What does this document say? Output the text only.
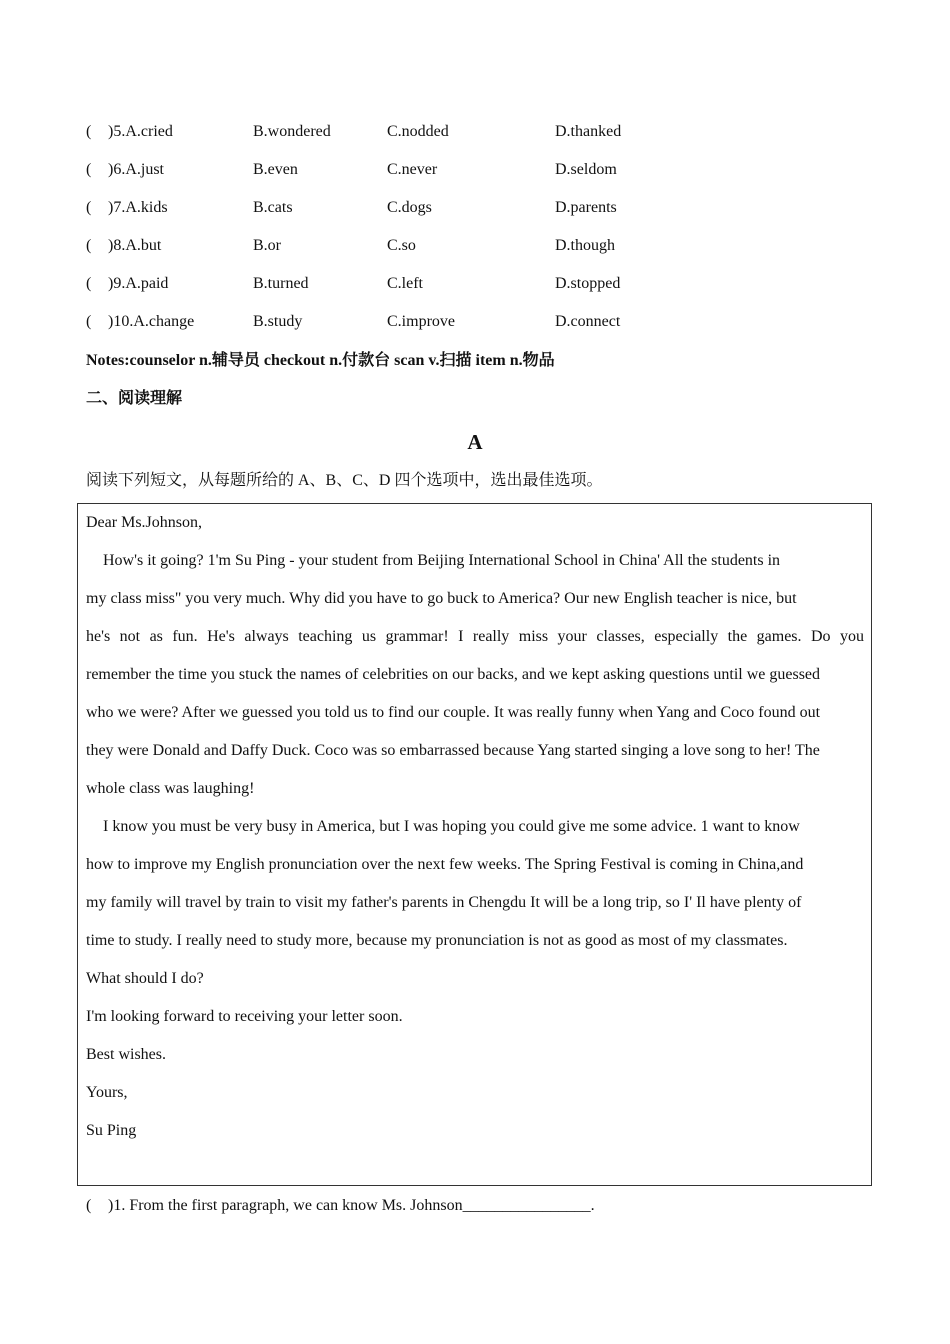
( )5.A.cried	B.wondered	C.nodded	D.thanked
( )6.A.just	B.even	C.never	D.seldom
( )7.A.kids	B.cats	C.dogs	D.parents
( )8.A.but	B.or	C.so	D.though
( )9.A.paid	B.turned	C.left	D.stopped
( )10.A.change	B.study	C.improve	D.connect
Notes:counselor n.辅导员 checkout n.付款台 scan v.扫描 item n.物品
二、阅读理解
A
阅读下列短文，从每题所给的 A、B、C、D 四个选项中，选出最佳选项。
Dear Ms.Johnson,
How's it going? 1'm Su Ping - your student from Beijing International School in China' All the students in
my class miss" you very much. Why did you have to go buck to America? Our new English teacher is nice, but
he's not as fun. He's always teaching us grammar! I really miss your classes, especially the games. Do you
remember the time you stuck the names of celebrities on our backs, and we kept asking questions until we guessed
who we were? After we guessed you told us to find our couple. It was really funny when Yang and Coco found out
they were Donald and Daffy Duck. Coco was so embarrassed because Yang started singing a love song to her! The
whole class was laughing!
I know you must be very busy in America, but I was hoping you could give me some advice. 1 want to know
how to improve my English pronunciation over the next few weeks. The Spring Festival is coming in China,and
my family will travel by train to visit my father's parents in Chengdu It will be a long trip, so I' Il have plenty of
time to study. I really need to study more, because my pronunciation is not as good as most of my classmates.
What should I do?
I'm looking forward to receiving your letter soon.
Best wishes.
Yours,
Su Ping
( )1. From the first paragraph, we can know Ms. Johnson________________.
